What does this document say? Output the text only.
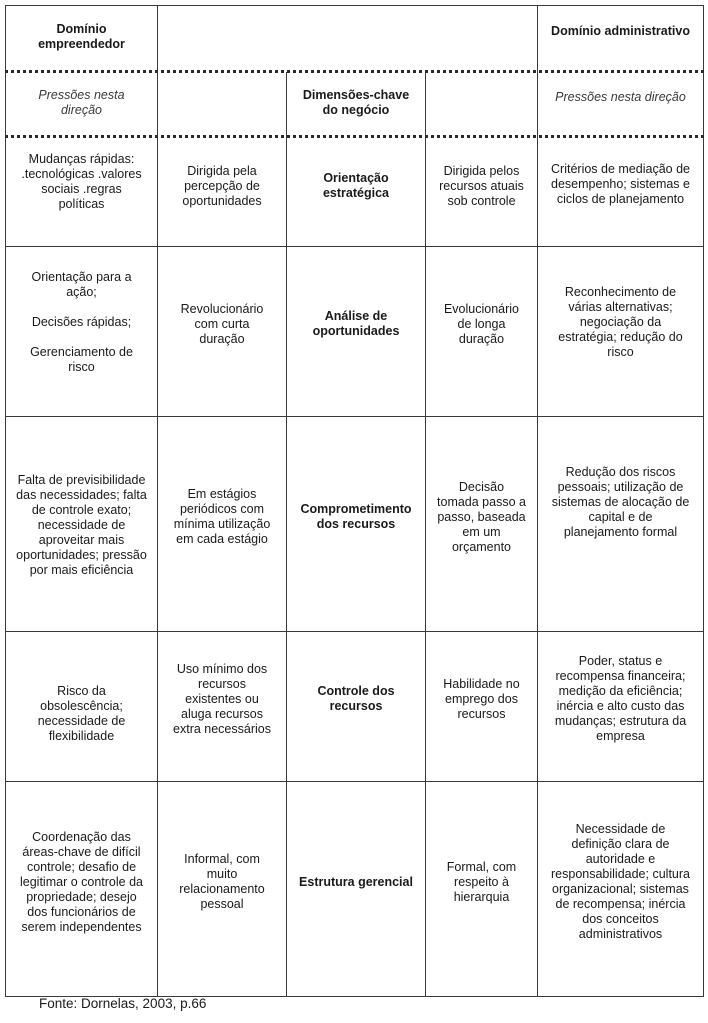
Domínio
empreendedor
Domínio administrativo
Pressões nesta
direção
Dimensões-chave
do negócio
Pressões nesta direção
Mudanças rápidas:
.tecnológicas .valores
sociais .regras
políticas
Dirigida pela
percepção de
oportunidades
Orientação
estratégica
Dirigida pelos
recursos atuais
sob controle
Critérios de mediação de
desempenho; sistemas e
ciclos de planejamento
Orientação para a
ação;

Decisões rápidas;

Gerenciamento de
risco
Revolucionário
com curta
duração
Análise de
oportunidades
Evolucionário
de longa
duração
Reconhecimento de
várias alternativas;
negociação da
estratégia; redução do
risco
Falta de previsibilidade
das necessidades; falta
de controle exato;
necessidade de
aproveitar mais
oportunidades; pressão
por mais eficiência
Em estágios
periódicos com
mínima utilização
em cada estágio
Comprometimento
dos recursos
Decisão
tomada passo a
passo, baseada
em um
orçamento
Redução dos riscos
pessoais; utilização de
sistemas de alocação de
capital e de
planejamento formal
Risco da
obsolescência;
necessidade de
flexibilidade
Uso mínimo dos
recursos
existentes ou
aluga recursos
extra necessários
Controle dos
recursos
Habilidade no
emprego dos
recursos
Poder, status e
recompensa financeira;
medição da eficiência;
inércia e alto custo das
mudanças; estrutura da
empresa
Coordenação das
áreas-chave de difícil
controle; desafio de
legitimar o controle da
propriedade; desejo
dos funcionários de
serem independentes
Informal, com
muito
relacionamento
pessoal
Estrutura gerencial
Formal, com
respeito à
hierarquia
Necessidade de
definição clara de
autoridade e
responsabilidade; cultura
organizacional; sistemas
de recompensa; inércia
dos conceitos
administrativos
Fonte: Dornelas, 2003, p.66
